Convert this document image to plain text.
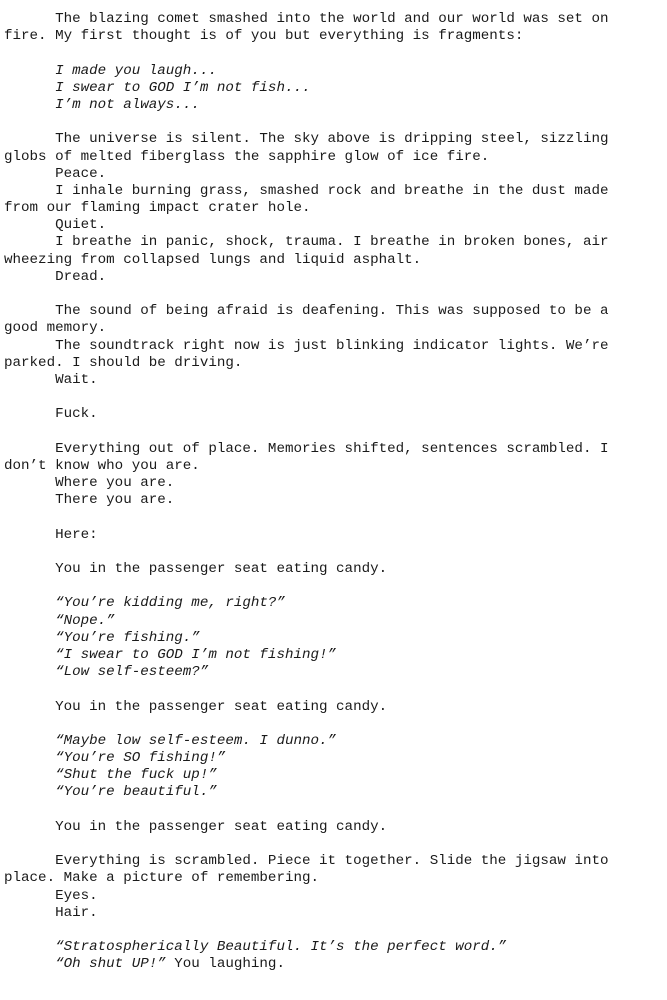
The blazing comet smashed into the world and our world was set on
fire. My first thought is of you but everything is fragments:
I made you laugh...
I swear to GOD I’m not fish...
I’m not always...
The universe is silent. The sky above is dripping steel, sizzling
globs of melted fiberglass the sapphire glow of ice fire.
Peace.
I inhale burning grass, smashed rock and breathe in the dust made
from our flaming impact crater hole.
Quiet.
I breathe in panic, shock, trauma. I breathe in broken bones, air
wheezing from collapsed lungs and liquid asphalt.
Dread.
The sound of being afraid is deafening. This was supposed to be a
good memory.
The soundtrack right now is just blinking indicator lights. We’re
parked. I should be driving.
Wait.
Fuck.
Everything out of place. Memories shifted, sentences scrambled. I
don’t know who you are.
Where you are.
There you are.
Here:
You in the passenger seat eating candy.
“You’re kidding me, right?”
“Nope.”
“You’re fishing.”
“I swear to GOD I’m not fishing!”
“Low self-esteem?”
You in the passenger seat eating candy.
“Maybe low self-esteem. I dunno.”
“You’re SO fishing!”
“Shut the fuck up!”
“You’re beautiful.”
You in the passenger seat eating candy.
Everything is scrambled. Piece it together. Slide the jigsaw into
place. Make a picture of remembering.
Eyes.
Hair.
“Stratospherically Beautiful. It’s the perfect word.”
“Oh shut UP!” You laughing.
